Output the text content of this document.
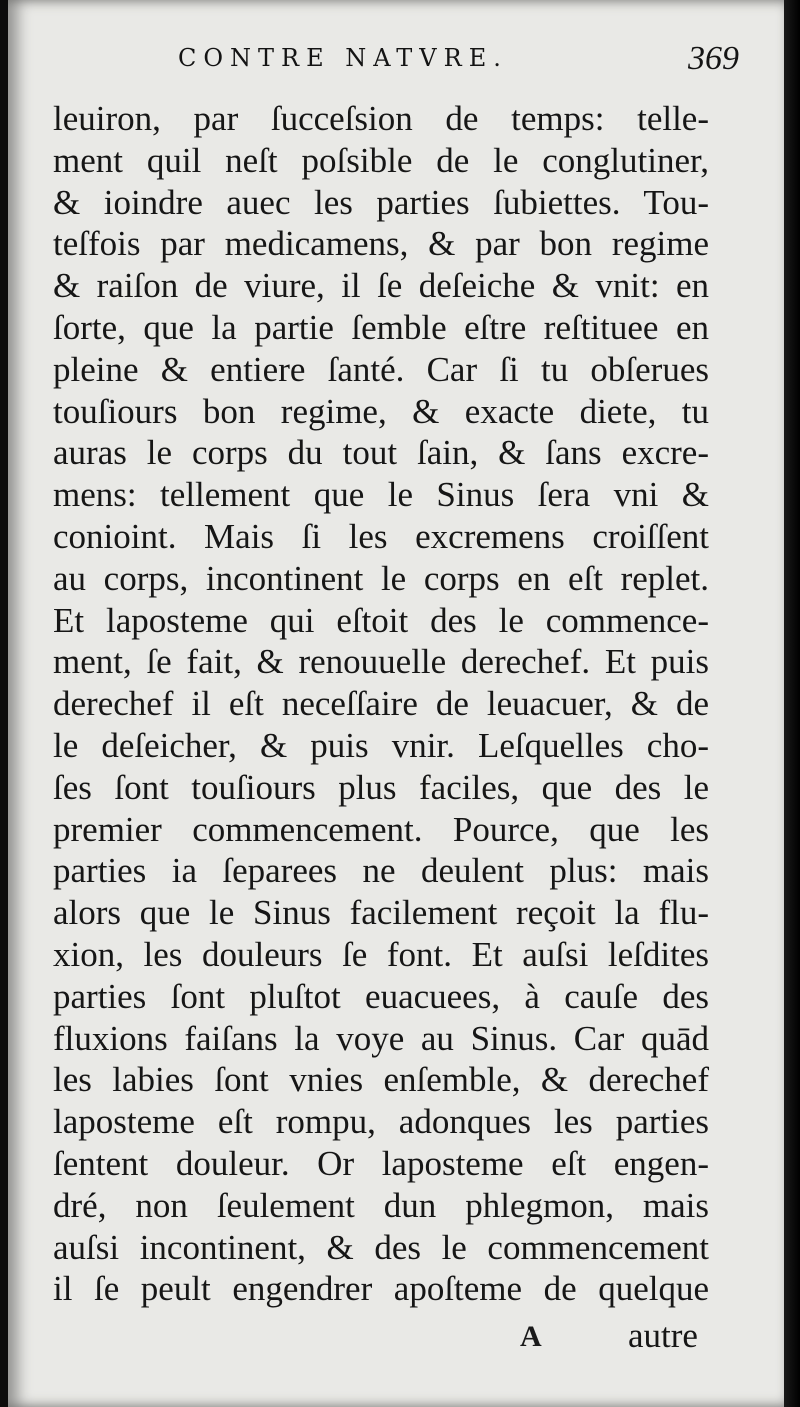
CONTRE NATVRE.	369
leuiron, par ſucceſsion de temps: telle-
ment quil neſt poſsible de le conglutiner,
& ioindre auec les parties ſubiettes. Tou-
teſfois par medicamens, & par bon regime
& raiſon de viure, il ſe deſeiche & vnit: en
ſorte, que la partie ſemble eſtre reſtituee en
pleine & entiere ſanté. Car ſi tu obſerues
touſiours bon regime, & exacte diete, tu
auras le corps du tout ſain, & ſans excre-
mens: tellement que le Sinus ſera vni &
conioint. Mais ſi les excremens croiſſent
au corps, incontinent le corps en eſt replet.
Et laposteme qui eſtoit des le commence-
ment, ſe fait, & renouuelle derechef. Et puis
derechef il eſt neceſſaire de leuacuer, & de
le deſeicher, & puis vnir. Leſquelles cho-
ſes ſont touſiours plus faciles, que des le
premier commencement. Pource, que les
parties ia ſeparees ne deulent plus: mais
alors que le Sinus facilement reçoit la flu-
xion, les douleurs ſe font. Et auſsi leſdites
parties ſont pluſtot euacuees, à cauſe des
fluxions faiſans la voye au Sinus. Car quād
les labies ſont vnies enſemble, & derechef
laposteme eſt rompu, adonques les parties
ſentent douleur. Or laposteme eſt engen-
dré, non ſeulement dun phlegmon, mais
auſsi incontinent, & des le commencement
il ſe peult engendrer apoſteme de quelque
A autre
